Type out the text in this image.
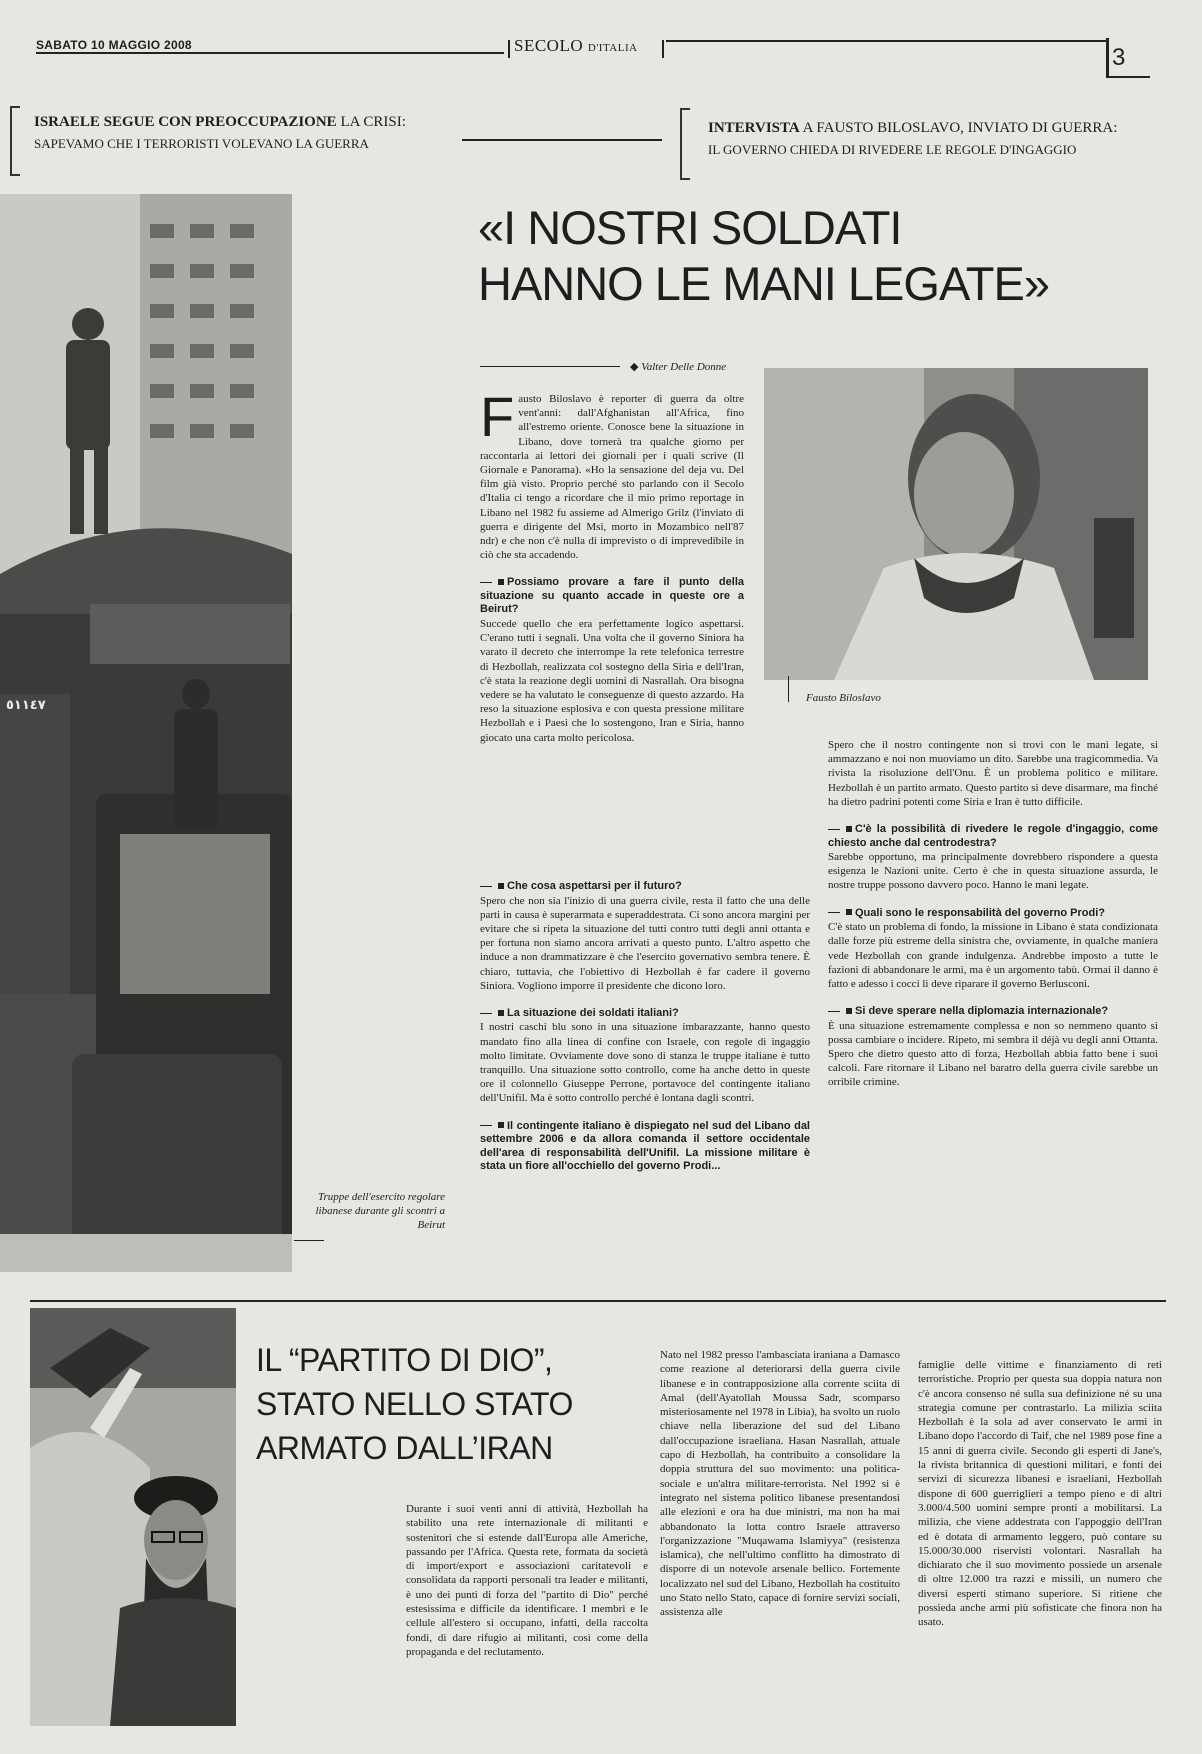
SABATO 10 MAGGIO 2008	SECOLO D'ITALIA	3
ISRAELE SEGUE CON PREOCCUPAZIONE LA CRISI:
SAPEVAMO CHE I TERRORISTI VOLEVANO LA GUERRA
INTERVISTA A FAUSTO BILOSLAVO, INVIATO DI GUERRA:
IL GOVERNO CHIEDA DI RIVEDERE LE REGOLE D'INGAGGIO
٥١١٤٧
Truppe dell'esercito regolare libanese durante gli scontri a Beirut
«I NOSTRI SOLDATI
HANNO LE MANI LEGATE»
◆ Valter Delle Donne
Fausto Biloslavo

Fausto Biloslavo è reporter di guerra da oltre vent'anni: dall'Afghanistan all'Africa, fino all'estremo oriente. Conosce bene la situazione in Libano, dove tornerà tra qualche giorno per raccontarla ai lettori dei giornali per i quali scrive (Il Giornale e Panorama). «Ho la sensazione del deja vu. Del film già visto. Proprio perché sto parlando con il Secolo d'Italia ci tengo a ricordare che il mio primo reportage in Libano nel 1982 fu assieme ad Almerigo Grilz (l'inviato di guerra e dirigente del Msi, morto in Mozambico nell'87 ndr) e che non c'è nulla di imprevisto o di imprevedibile in ciò che sta accadendo.

Possiamo provare a fare il punto della situazione su quanto accade in queste ore a Beirut?

Succede quello che era perfettamente logico aspettarsi. C'erano tutti i segnali. Una volta che il governo Siniora ha varato il decreto che interrompe la rete telefonica terrestre di Hezbollah, realizzata col sostegno della Siria e dell'Iran, c'è stata la reazione degli uomini di Nasrallah. Ora bisogna vedere se ha valutato le conseguenze di questo azzardo. Ha reso la situazione esplosiva e con questa pressione militare Hezbollah e i Paesi che lo sostengono, Iran e Siria, hanno giocato una carta molto pericolosa.

Che cosa aspettarsi per il futuro?

Spero che non sia l'inizio di una guerra civile, resta il fatto che una delle parti in causa è superarmata e superaddestrata. Ci sono ancora margini per evitare che si ripeta la situazione del tutti contro tutti degli anni ottanta e per fortuna non siamo ancora arrivati a questo punto. L'altro aspetto che induce a non drammatizzare è che l'esercito governativo sembra tenere. È chiaro, tuttavia, che l'obiettivo di Hezbollah è far cadere il governo Siniora. Vogliono imporre il presidente che dicono loro.

La situazione dei soldati italiani?

I nostri caschi blu sono in una situazione imbarazzante, hanno questo mandato fino alla linea di confine con Israele, con regole di ingaggio molto limitate. Ovviamente dove sono di stanza le truppe italiane è tutto tranquillo. Una situazione sotto controllo, come ha anche detto in queste ore il colonnello Giuseppe Perrone, portavoce del contingente italiano dell'Unifil. Ma è sotto controllo perché è lontana dagli scontri.

Il contingente italiano è dispiegato nel sud del Libano dal settembre 2006 e da allora comanda il settore occidentale dell'area di responsabilità dell'Unifil. La missione militare è stata un fiore all'occhiello del governo Prodi...

Spero che il nostro contingente non si trovi con le mani legate, si ammazzano e noi non muoviamo un dito. Sarebbe una tragicommedia. Va rivista la risoluzione dell'Onu. È un problema politico e militare. Hezbollah è un partito armato. Questo partito si deve disarmare, ma finché ha dietro padrini potenti come Siria e Iran è tutto difficile.

C'è la possibilità di rivedere le regole d'ingaggio, come chiesto anche dal centrodestra?

Sarebbe opportuno, ma principalmente dovrebbero rispondere a questa esigenza le Nazioni unite. Certo è che in questa situazione assurda, le nostre truppe possono davvero poco. Hanno le mani legate.

Quali sono le responsabilità del governo Prodi?

C'è stato un problema di fondo, la missione in Libano è stata condizionata dalle forze più estreme della sinistra che, ovviamente, in qualche maniera vede Hezbollah con grande indulgenza. Andrebbe imposto a tutte le fazioni di abbandonare le armi, ma è un argomento tabù. Ormai il danno è fatto e adesso i cocci li deve riparare il governo Berlusconi.

Si deve sperare nella diplomazia internazionale?

È una situazione estremamente complessa e non so nemmeno quanto si possa cambiare o incidere. Ripeto, mi sembra il déjà vu degli anni Ottanta. Spero che dietro questo atto di forza, Hezbollah abbia fatto bene i suoi calcoli. Fare ritornare il Libano nel baratro della guerra civile sarebbe un orribile crimine.

IL “PARTITO DI DIO”,
STATO NELLO STATO
ARMATO DALL’IRAN
Durante i suoi venti anni di attività, Hezbollah ha stabilito una rete internazionale di militanti e sostenitori che si estende dall'Europa alle Americhe, passando per l'Africa. Questa rete, formata da società di import/export e associazioni caritatevoli e consolidata da rapporti personali tra leader e militanti, è uno dei punti di forza del "partito di Dio" perché estesissima e difficile da identificare. I membri e le cellule all'estero si occupano, infatti, della raccolta fondi, di dare rifugio ai militanti, così come della propaganda e del reclutamento.
Nato nel 1982 presso l'ambasciata iraniana a Damasco come reazione al deteriorarsi della guerra civile libanese e in contrapposizione alla corrente sciita di Amal (dell'Ayatollah Moussa Sadr, scomparso misteriosamente nel 1978 in Libia), ha svolto un ruolo chiave nella liberazione del sud del Libano dall'occupazione israeliana. Hasan Nasrallah, attuale capo di Hezbollah, ha contribuito a consolidare la doppia struttura del suo movimento: una politica-sociale e un'altra militare-terrorista. Nel 1992 si è integrato nel sistema politico libanese presentandosi alle elezioni e ora ha due ministri, ma non ha mai abbandonato la lotta contro Israele attraverso l'organizzazione "Muqawama Islamiyya" (resistenza islamica), che nell'ultimo conflitto ha dimostrato di disporre di un notevole arsenale bellico. Fortemente localizzato nel sud del Libano, Hezbollah ha costituito uno Stato nello Stato, capace di fornire servizi sociali, assistenza alle
famiglie delle vittime e finanziamento di reti terroristiche. Proprio per questa sua doppia natura non c'è ancora consenso né sulla sua definizione né su una strategia comune per contrastarlo. La milizia sciita Hezbollah è la sola ad aver conservato le armi in Libano dopo l'accordo di Taif, che nel 1989 pose fine a 15 anni di guerra civile. Secondo gli esperti di Jane's, la rivista britannica di questioni militari, e fonti dei servizi di sicurezza libanesi e israeliani, Hezbollah dispone di 600 guerriglieri a tempo pieno e di altri 3.000/4.500 uomini sempre pronti a mobilitarsi. La milizia, che viene addestrata con l'appoggio dell'Iran ed è dotata di armamento leggero, può contare su 15.000/30.000 riservisti volontari. Nasrallah ha dichiarato che il suo movimento possiede un arsenale di oltre 12.000 tra razzi e missili, un numero che diversi esperti stimano superiore. Si ritiene che possieda anche armi più sofisticate che finora non ha usato.
